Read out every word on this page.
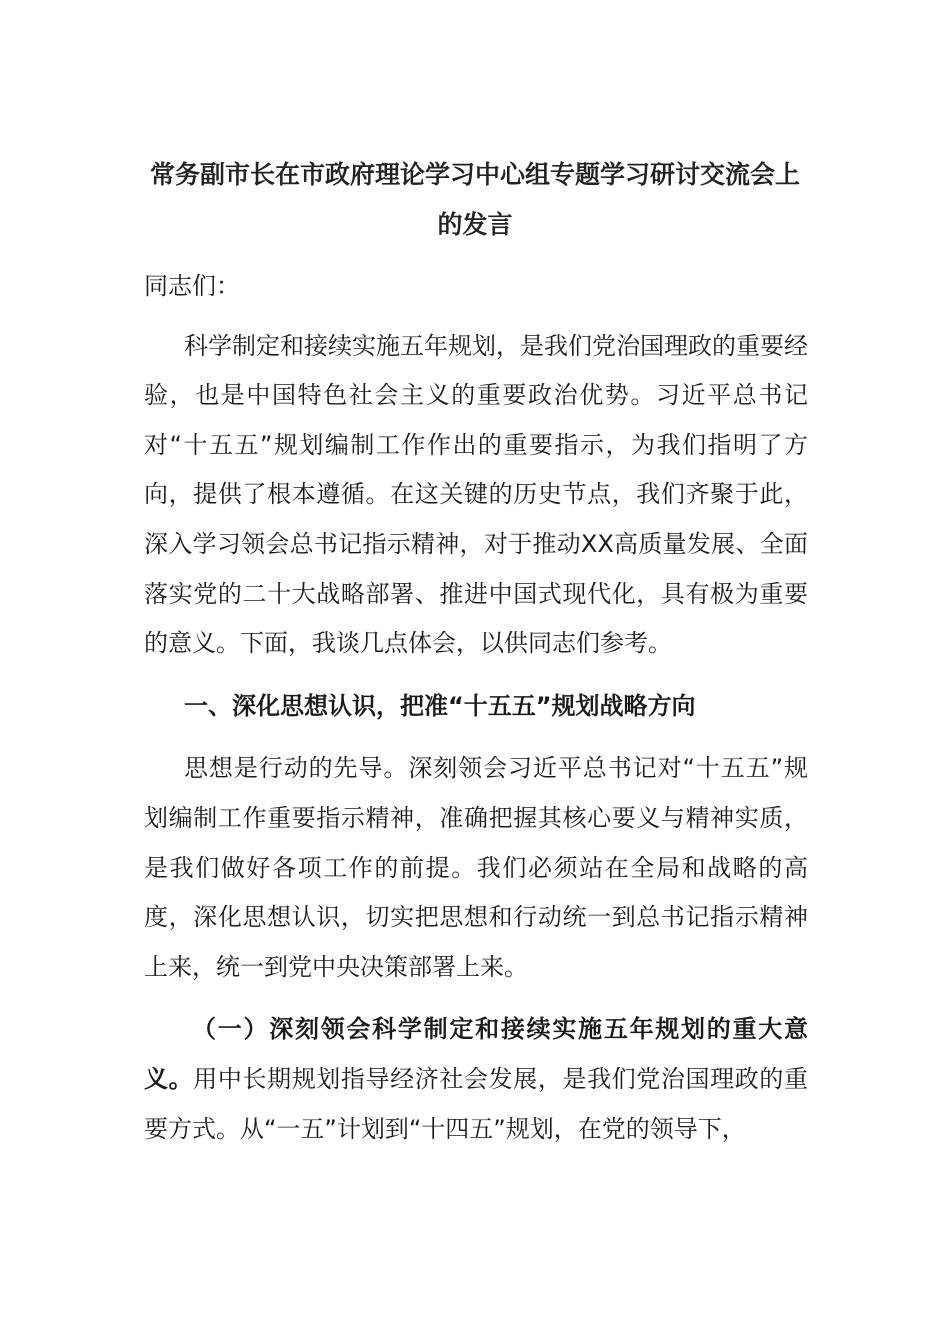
常务副市长在市政府理论学习中心组专题学习研讨交流会上的发言

同志们：

科学制定和接续实施五年规划，是我们党治国理政的重要经验，也是中国特色社会主义的重要政治优势。习近平总书记对“十五五”规划编制工作作出的重要指示，为我们指明了方向，提供了根本遵循。在这关键的历史节点，我们齐聚于此，深入学习领会总书记指示精神，对于推动XX高质量发展、全面落实党的二十大战略部署、推进中国式现代化，具有极为重要的意义。下面，我谈几点体会，以供同志们参考。

一、深化思想认识，把准“十五五”规划战略方向

思想是行动的先导。深刻领会习近平总书记对“十五五”规划编制工作重要指示精神，准确把握其核心要义与精神实质，是我们做好各项工作的前提。我们必须站在全局和战略的高度，深化思想认识，切实把思想和行动统一到总书记指示精神上来，统一到党中央决策部署上来。

（一）深刻领会科学制定和接续实施五年规划的重大意义。用中长期规划指导经济社会发展，是我们党治国理政的重要方式。从“一五”计划到“十四五”规划，在党的领导下，
